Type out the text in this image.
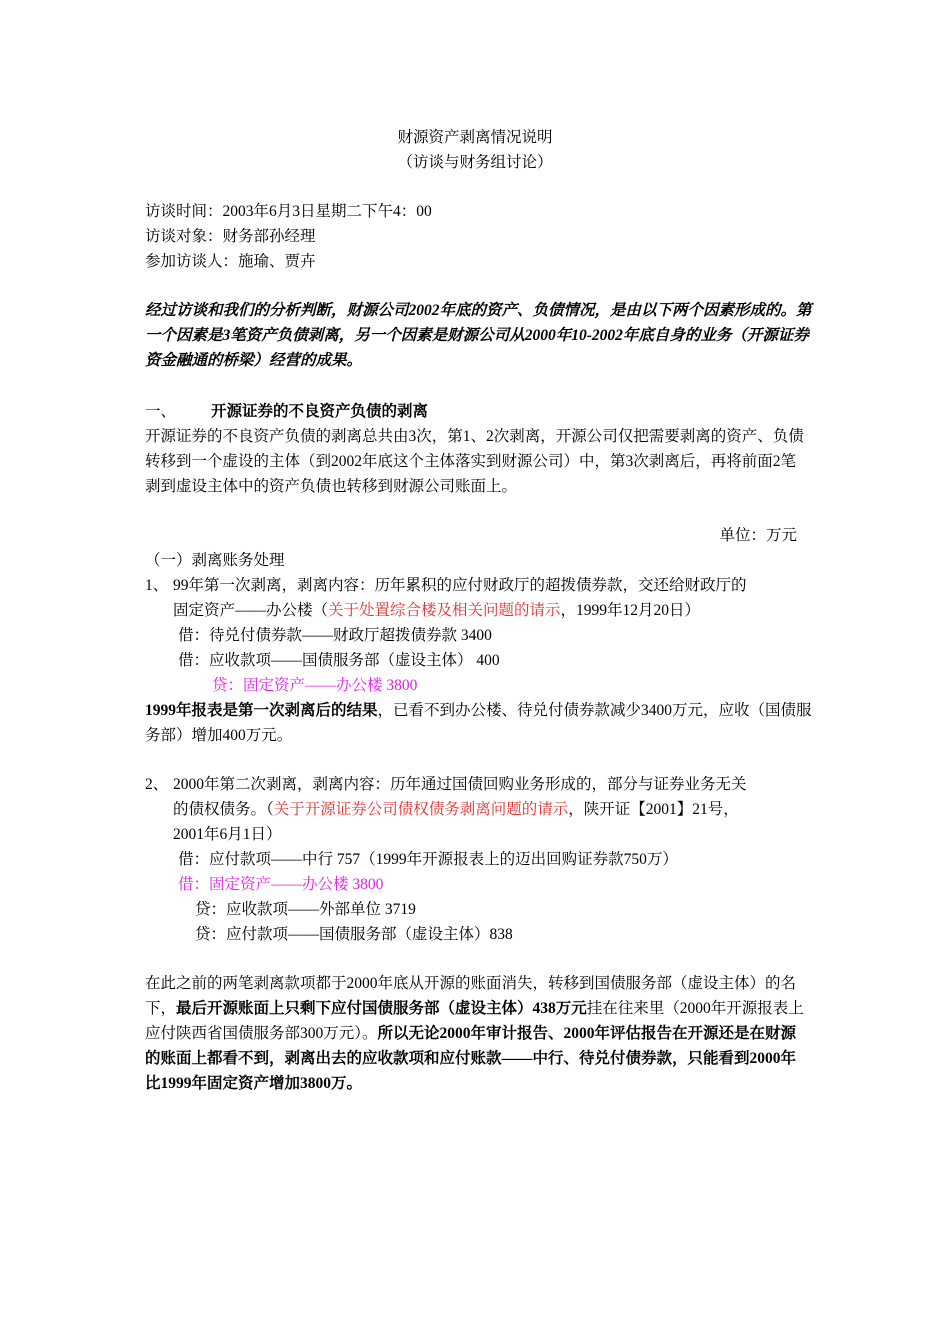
财源资产剥离情况说明
（访谈与财务组讨论）
访谈时间：2003年6月3日星期二下午4：00
访谈对象：财务部孙经理
参加访谈人：施瑜、贾卉
经过访谈和我们的分析判断，财源公司2002年底的资产、负债情况，是由以下两个因素形成的。第一个因素是3笔资产负债剥离，另一个因素是财源公司从2000年10-2002年底自身的业务（开源证券资金融通的桥梁）经营的成果。
一、 开源证券的不良资产负债的剥离
开源证券的不良资产负债的剥离总共由3次，第1、2次剥离，开源公司仅把需要剥离的资产、负债转移到一个虚设的主体（到2002年底这个主体落实到财源公司）中，第3次剥离后，再将前面2笔剥到虚设主体中的资产负债也转移到财源公司账面上。
单位：万元
（一）剥离账务处理
1、 99年第一次剥离，剥离内容：历年累积的应付财政厅的超拨债券款，交还给财政厅的
固定资产——办公楼（关于处置综合楼及相关问题的请示，1999年12月20日）
借：待兑付债券款——财政厅超拨债券款 3400
借：应收款项——国债服务部（虚设主体） 400
贷：固定资产——办公楼 3800
1999年报表是第一次剥离后的结果，已看不到办公楼、待兑付债券款减少3400万元，应收（国债服务部）增加400万元。
2、 2000年第二次剥离，剥离内容：历年通过国债回购业务形成的，部分与证券业务无关
的债权债务。（关于开源证券公司债权债务剥离问题的请示，陕开证【2001】21号，
2001年6月1日）
借：应付款项——中行 757（1999年开源报表上的迈出回购证券款750万）
借：固定资产——办公楼 3800
贷：应收款项——外部单位 3719
贷：应付款项——国债服务部（虚设主体）838
在此之前的两笔剥离款项都于2000年底从开源的账面消失，转移到国债服务部（虚设主体）的名下，最后开源账面上只剩下应付国债服务部（虚设主体）438万元挂在往来里（2000年开源报表上应付陕西省国债服务部300万元）。所以无论2000年审计报告、2000年评估报告在开源还是在财源的账面上都看不到，剥离出去的应收款项和应付账款——中行、待兑付债券款，只能看到2000年比1999年固定资产增加3800万。
